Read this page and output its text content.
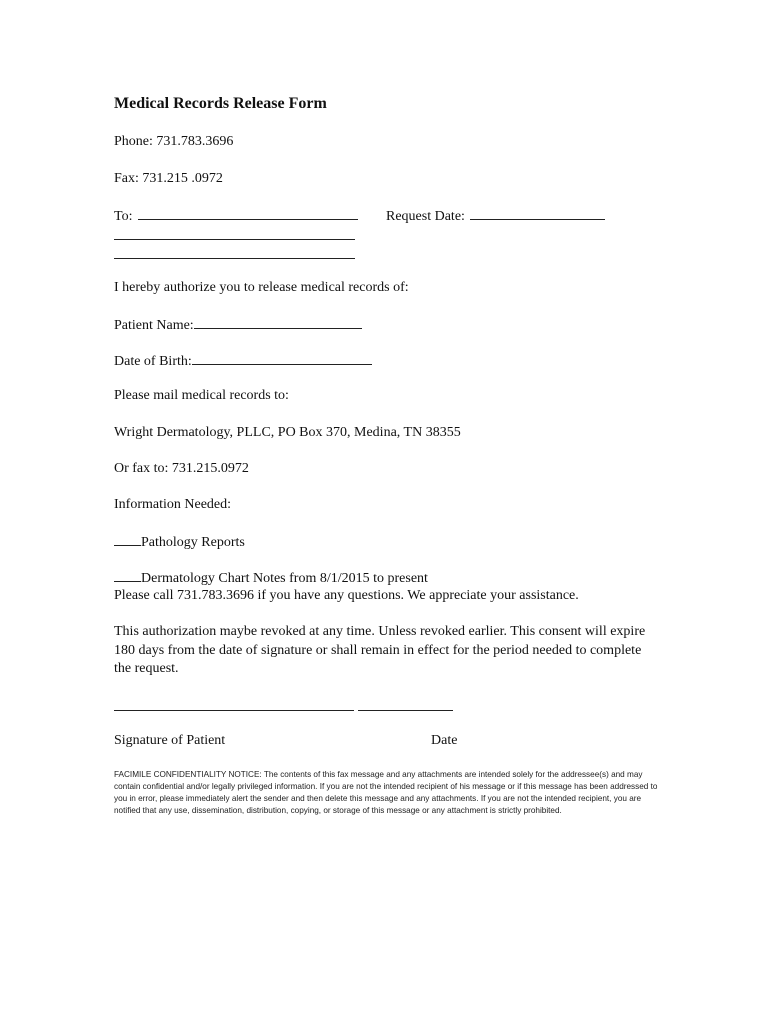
Medical Records Release Form
Phone: 731.783.3696
Fax: 731.215 .0972
To:	Request Date:
I hereby authorize you to release medical records of:
Patient Name:
Date of Birth:
Please mail medical records to:
Wright Dermatology, PLLC, PO Box 370, Medina, TN 38355
Or fax to: 731.215.0972
Information Needed:
Pathology Reports
Dermatology Chart Notes from 8/1/2015 to present
Please call 731.783.3696 if you have any questions. We appreciate your assistance.
This authorization maybe revoked at any time. Unless revoked earlier. This consent will expire 180 days from the date of signature or shall remain in effect for the period needed to complete the request.
Signature of Patient	Date
FACIMILE CONFIDENTIALITY NOTICE: The contents of this fax message and any attachments are intended solely for the addressee(s) and may contain confidential and/or legally privileged information. If you are not the intended recipient of his message or if this message has been addressed to you in error, please immediately alert the sender and then delete this message and any attachments. If you are not the intended recipient, you are notified that any use, dissemination, distribution, copying, or storage of this message or any attachment is strictly prohibited.
